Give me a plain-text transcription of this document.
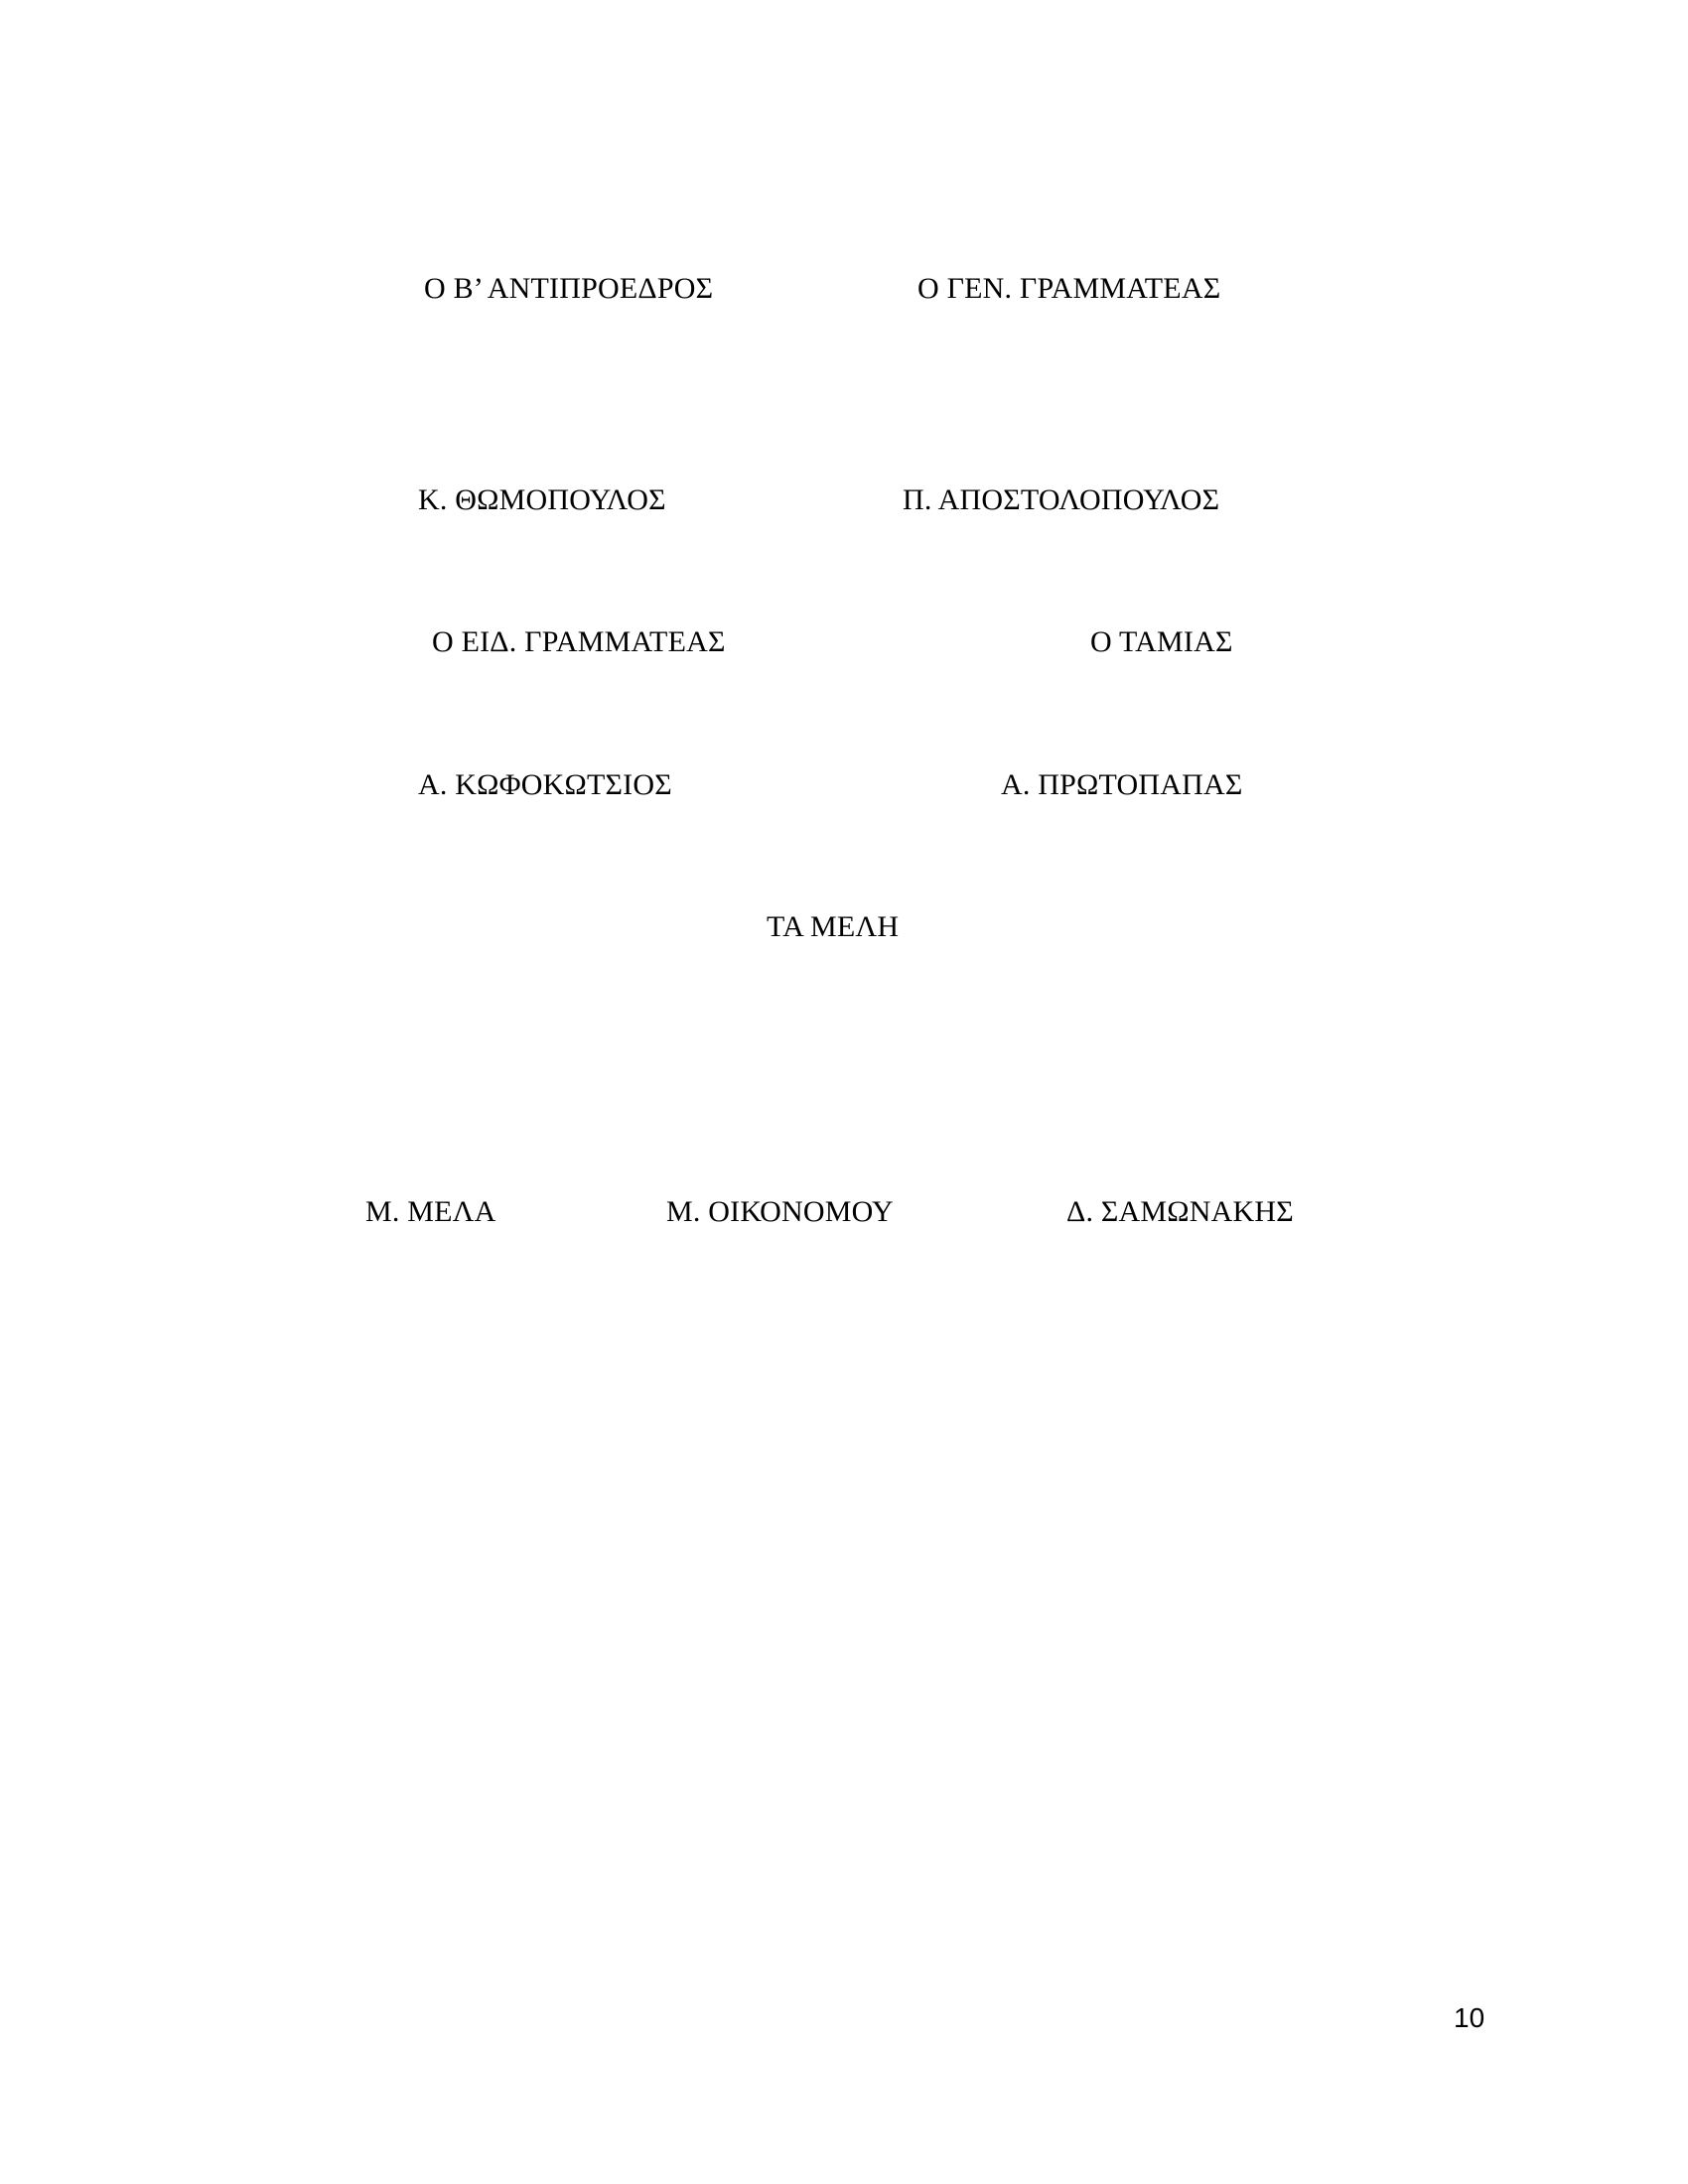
Ο Β’ ΑΝΤΙΠΡΟΕΔΡΟΣ	Ο ΓΕΝ. ΓΡΑΜΜΑΤΕΑΣ
Κ. ΘΩΜΟΠΟΥΛΟΣ	Π. ΑΠΟΣΤΟΛΟΠΟΥΛΟΣ
Ο ΕΙΔ. ΓΡΑΜΜΑΤΕΑΣ	Ο ΤΑΜΙΑΣ
Α. ΚΩΦΟΚΩΤΣΙΟΣ	Α. ΠΡΩΤΟΠΑΠΑΣ
ΤΑ ΜΕΛΗ
Μ. ΜΕΛΑ	Μ. ΟΙΚΟΝΟΜΟΥ	Δ. ΣΑΜΩΝΑΚΗΣ
10
